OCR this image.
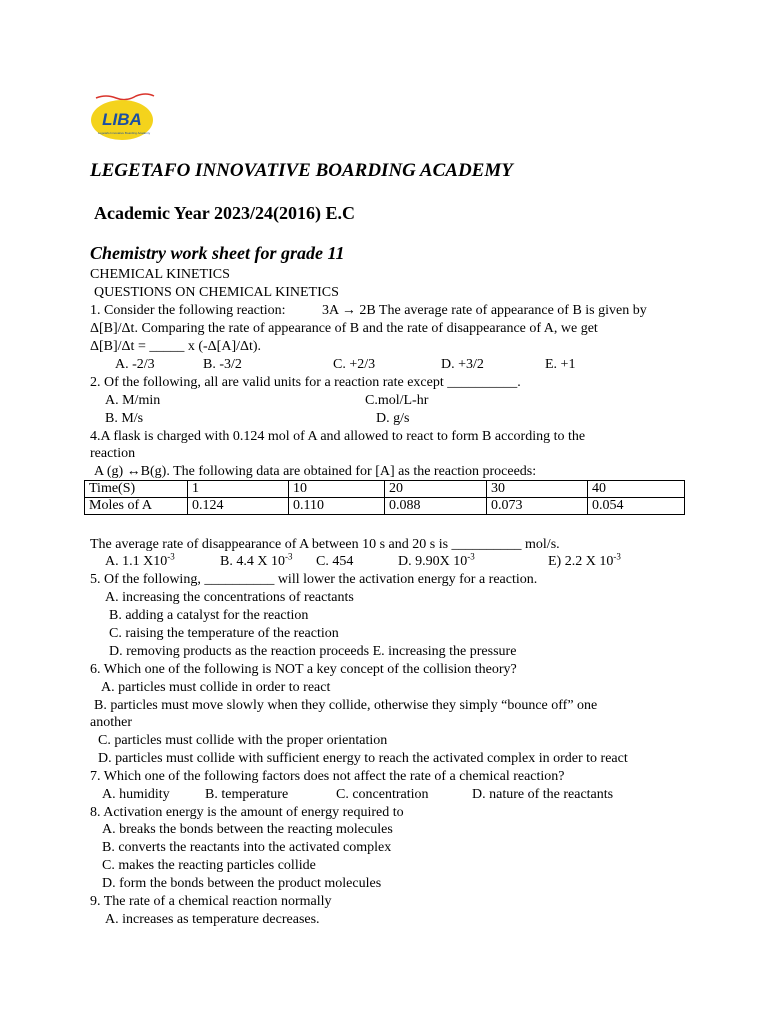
LIBA
Legetafo Innovative Boarding Academy
LEGETAFO INNOVATIVE BOARDING ACADEMY
Academic Year 2023/24(2016) E.C
Chemistry work sheet for grade 11
CHEMICAL KINETICS
QUESTIONS ON CHEMICAL KINETICS
1. Consider the following reaction:	3A → 2B The average rate of appearance of B is given by
Δ[B]/Δt. Comparing the rate of appearance of B and the rate of disappearance of A, we get
Δ[B]/Δt = _____ x (-Δ[A]/Δt).
A. -2/3	B. -3/2	C. +2/3	D. +3/2	E. +1
2. Of the following, all are valid units for a reaction rate except __________.
A. M/min	C.mol/L-hr
B. M/s	D. g/s
4.A flask is charged with 0.124 mol of A and allowed to react to form B according to the
reaction
A (g) ↔B(g). The following data are obtained for [A] as the reaction proceeds:
Time(S)	1	10	20	30	40
Moles of A	0.124	0.110	0.088	0.073	0.054
The average rate of disappearance of A between 10 s and 20 s is __________ mol/s.
A. 1.1 $X10^{-3}$	B. 4.4 X $10^{-3}$ C. 454	D. 9.90X $10^{-3}$	E) 2.2 X $10^{-3}$
5. Of the following, __________ will lower the activation energy for a reaction.
A. increasing the concentrations of reactants
B. adding a catalyst for the reaction
C. raising the temperature of the reaction
D. removing products as the reaction proceeds E. increasing the pressure
6. Which one of the following is NOT a key concept of the collision theory?
A. particles must collide in order to react
B. particles must move slowly when they collide, otherwise they simply “bounce off” one
another
C. particles must collide with the proper orientation
D. particles must collide with sufficient energy to reach the activated complex in order to react
7. Which one of the following factors does not affect the rate of a chemical reaction?
A. humidity	B. temperature	C. concentration	D. nature of the reactants
8. Activation energy is the amount of energy required to
A. breaks the bonds between the reacting molecules
B. converts the reactants into the activated complex
C. makes the reacting particles collide
D. form the bonds between the product molecules
9. The rate of a chemical reaction normally
A. increases as temperature decreases.
